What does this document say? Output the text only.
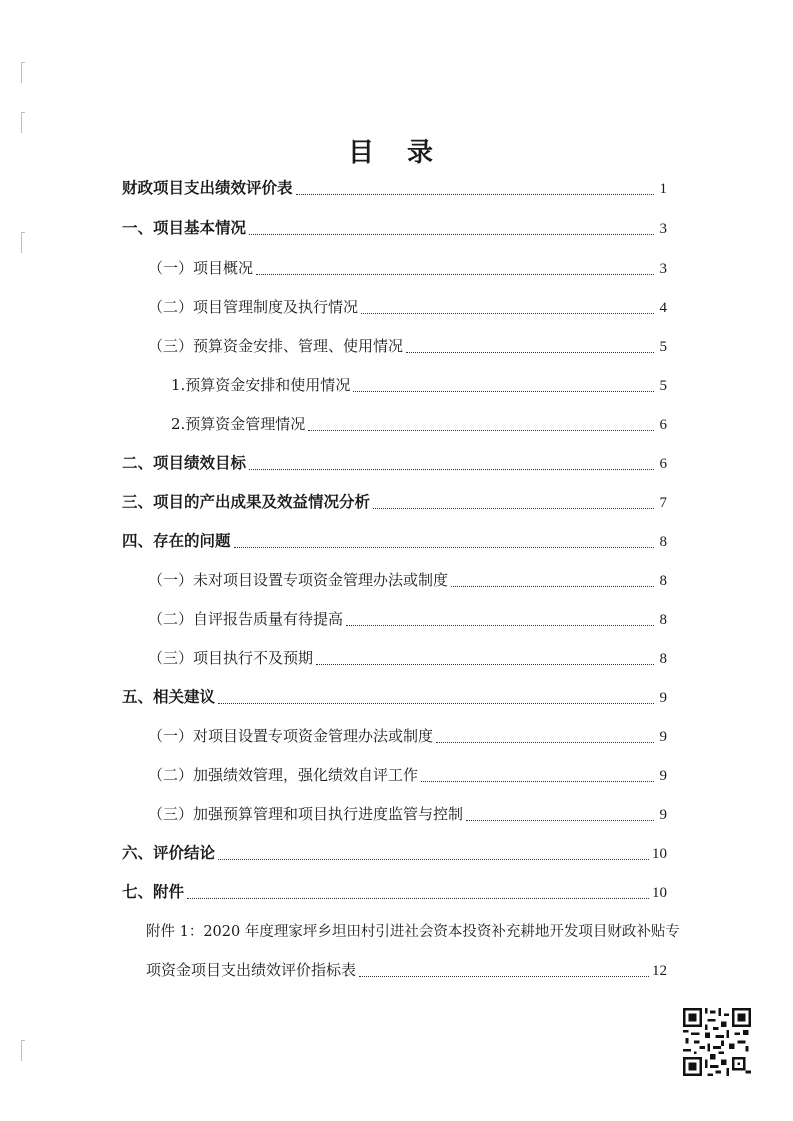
目 录
财政项目支出绩效评价表	1
一、项目基本情况	3
（一）项目概况	3
（二）项目管理制度及执行情况	4
（三）预算资金安排、管理、使用情况	5
1.预算资金安排和使用情况	5
2.预算资金管理情况	6
二、项目绩效目标	6
三、项目的产出成果及效益情况分析	7
四、存在的问题	8
（一）未对项目设置专项资金管理办法或制度	8
（二）自评报告质量有待提高	8
（三）项目执行不及预期	8
五、相关建议	9
（一）对项目设置专项资金管理办法或制度	9
（二）加强绩效管理，强化绩效自评工作	9
（三）加强预算管理和项目执行进度监管与控制	9
六、评价结论	10
七、附件	10
附件 1：2020 年度理家坪乡坦田村引进社会资本投资补充耕地开发项目财政补贴专
项资金项目支出绩效评价指标表	12
